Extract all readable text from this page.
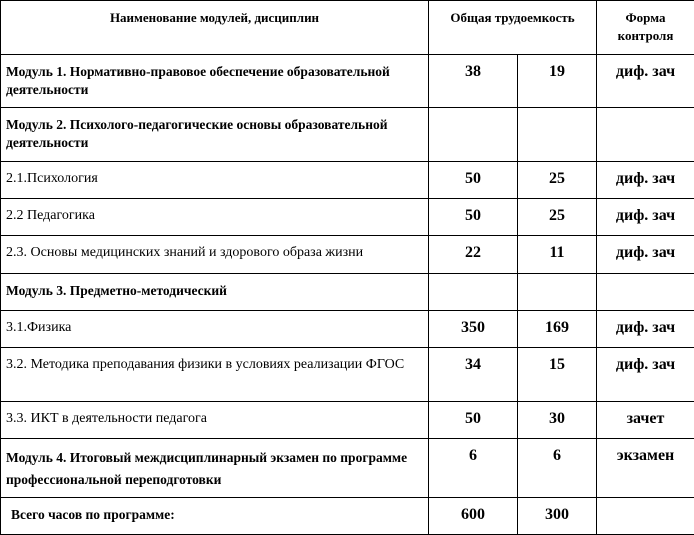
Наименование модулей, дисциплин	Общая трудоемкость		Форма контроля
Модуль 1. Нормативно-правовое обеспечение образовательной деятельности	38	19	диф. зач
Модуль 2. Психолого-педагогические основы образовательной деятельности			
2.1.Психология	50	25	диф. зач
2.2 Педагогика	50	25	диф. зач
2.3. Основы медицинских знаний и здорового образа жизни	22	11	диф. зач
Модуль 3. Предметно-методический			
3.1.Физика	350	169	диф. зач
3.2. Методика преподавания физики в условиях реализации ФГОС	34	15	диф. зач
3.3. ИКТ в деятельности педагога	50	30	зачет
Модуль 4. Итоговый междисциплинарный экзамен по программе профессиональной переподготовки	6	6	экзамен
Всего часов по программе:	600	300	
